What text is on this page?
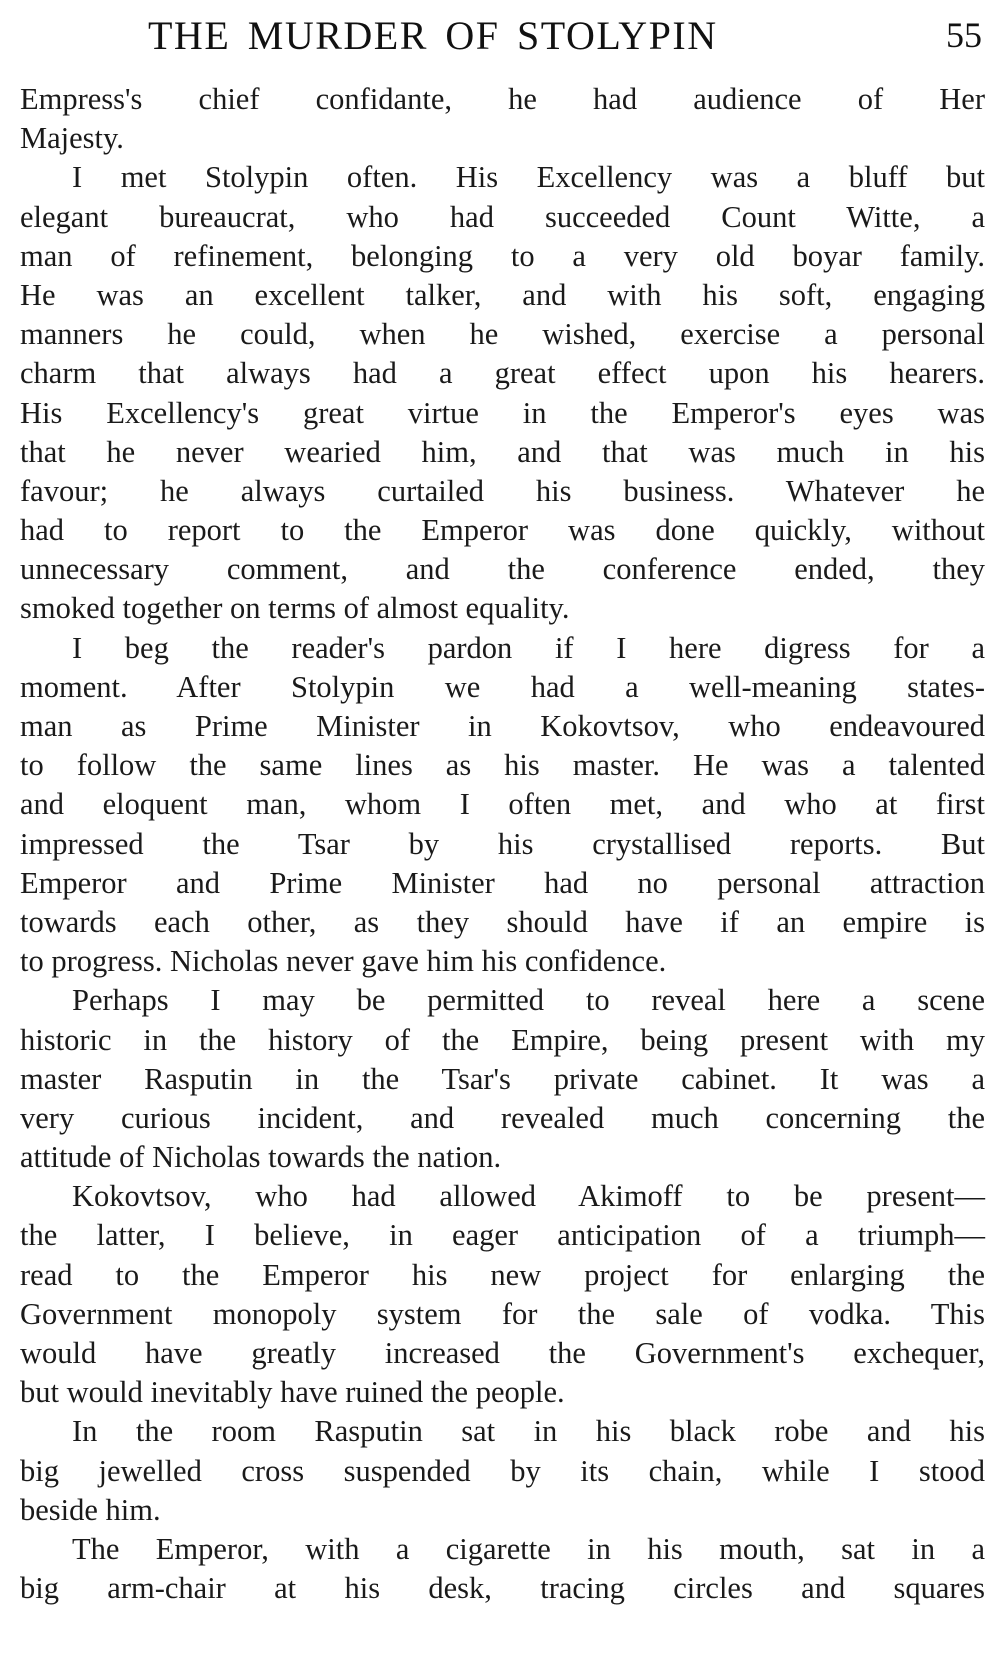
THE MURDER OF STOLYPIN	55
Empress's chief confidante, he had audience of Her
Majesty.
I met Stolypin often. His Excellency was a bluff but
elegant bureaucrat, who had succeeded Count Witte, a
man of refinement, belonging to a very old boyar family.
He was an excellent talker, and with his soft, engaging
manners he could, when he wished, exercise a personal
charm that always had a great effect upon his hearers.
His Excellency's great virtue in the Emperor's eyes was
that he never wearied him, and that was much in his
favour; he always curtailed his business. Whatever he
had to report to the Emperor was done quickly, without
unnecessary comment, and the conference ended, they
smoked together on terms of almost equality.
I beg the reader's pardon if I here digress for a
moment. After Stolypin we had a well-meaning states-
man as Prime Minister in Kokovtsov, who endeavoured
to follow the same lines as his master. He was a talented
and eloquent man, whom I often met, and who at first
impressed the Tsar by his crystallised reports. But
Emperor and Prime Minister had no personal attraction
towards each other, as they should have if an empire is
to progress. Nicholas never gave him his confidence.
Perhaps I may be permitted to reveal here a scene
historic in the history of the Empire, being present with my
master Rasputin in the Tsar's private cabinet. It was a
very curious incident, and revealed much concerning the
attitude of Nicholas towards the nation.
Kokovtsov, who had allowed Akimoff to be present—
the latter, I believe, in eager anticipation of a triumph—
read to the Emperor his new project for enlarging the
Government monopoly system for the sale of vodka. This
would have greatly increased the Government's exchequer,
but would inevitably have ruined the people.
In the room Rasputin sat in his black robe and his
big jewelled cross suspended by its chain, while I stood
beside him.
The Emperor, with a cigarette in his mouth, sat in a
big arm-chair at his desk, tracing circles and squares
